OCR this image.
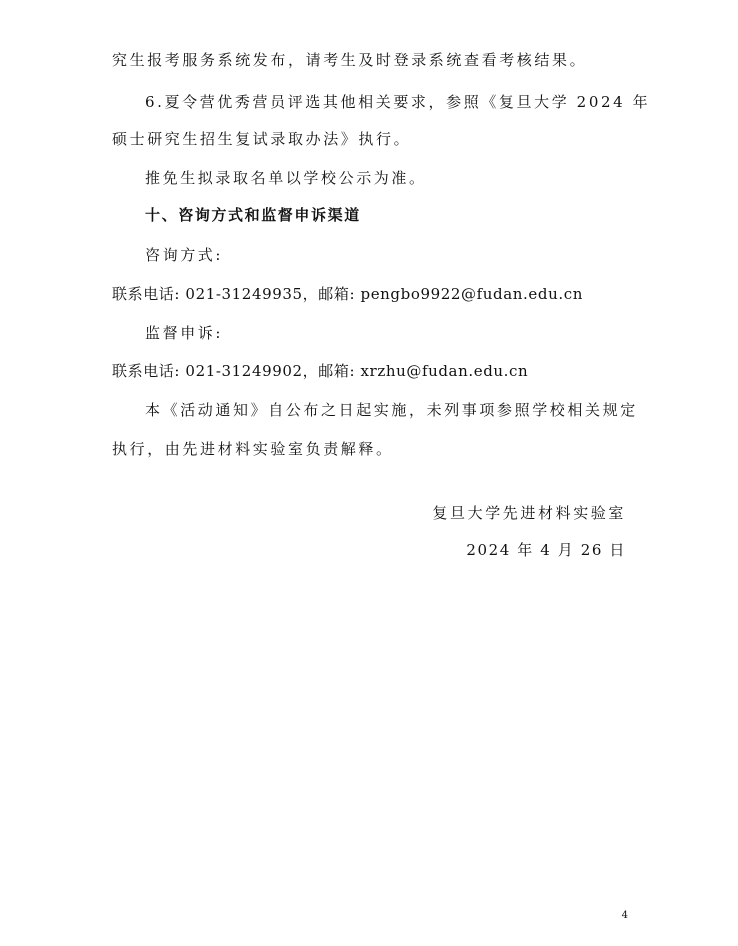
究生报考服务系统发布，请考生及时登录系统查看考核结果。
6.夏令营优秀营员评选其他相关要求，参照《复旦大学 2024 年
硕士研究生招生复试录取办法》执行。
推免生拟录取名单以学校公示为准。
十、咨询方式和监督申诉渠道
咨询方式:
联系电话: 021-31249935，邮箱: pengbo9922@fudan.edu.cn
监督申诉:
联系电话: 021-31249902，邮箱: xrzhu@fudan.edu.cn
本《活动通知》自公布之日起实施，未列事项参照学校相关规定
执行，由先进材料实验室负责解释。
复旦大学先进材料实验室
2024 年 4 月 26 日
4
